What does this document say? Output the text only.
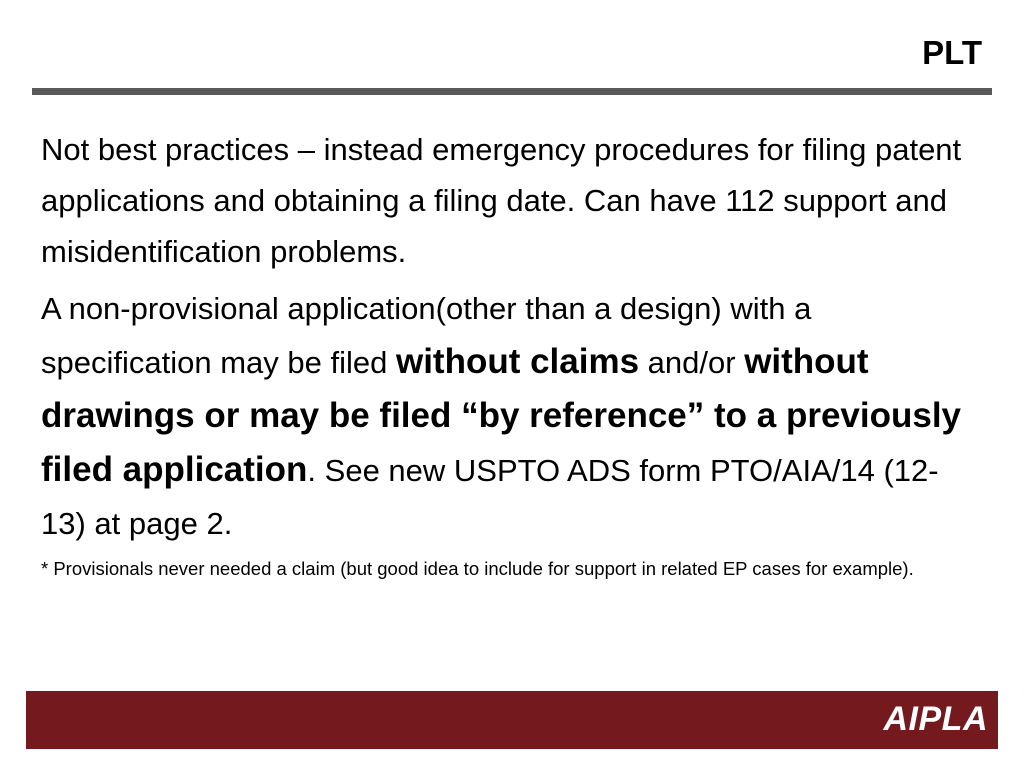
PLT

Not best practices – instead emergency procedures for filing patent applications and obtaining a filing date. Can have 112 support and misidentification problems.

A non-provisional application(other than a design) with a specification may be filed without claims and/or without drawings or may be filed “by reference” to a previously filed application. See new USPTO ADS form PTO/AIA/14 (12-13) at page 2.

* Provisionals never needed a claim (but good idea to include for support in related EP cases for example).

AIPLA
